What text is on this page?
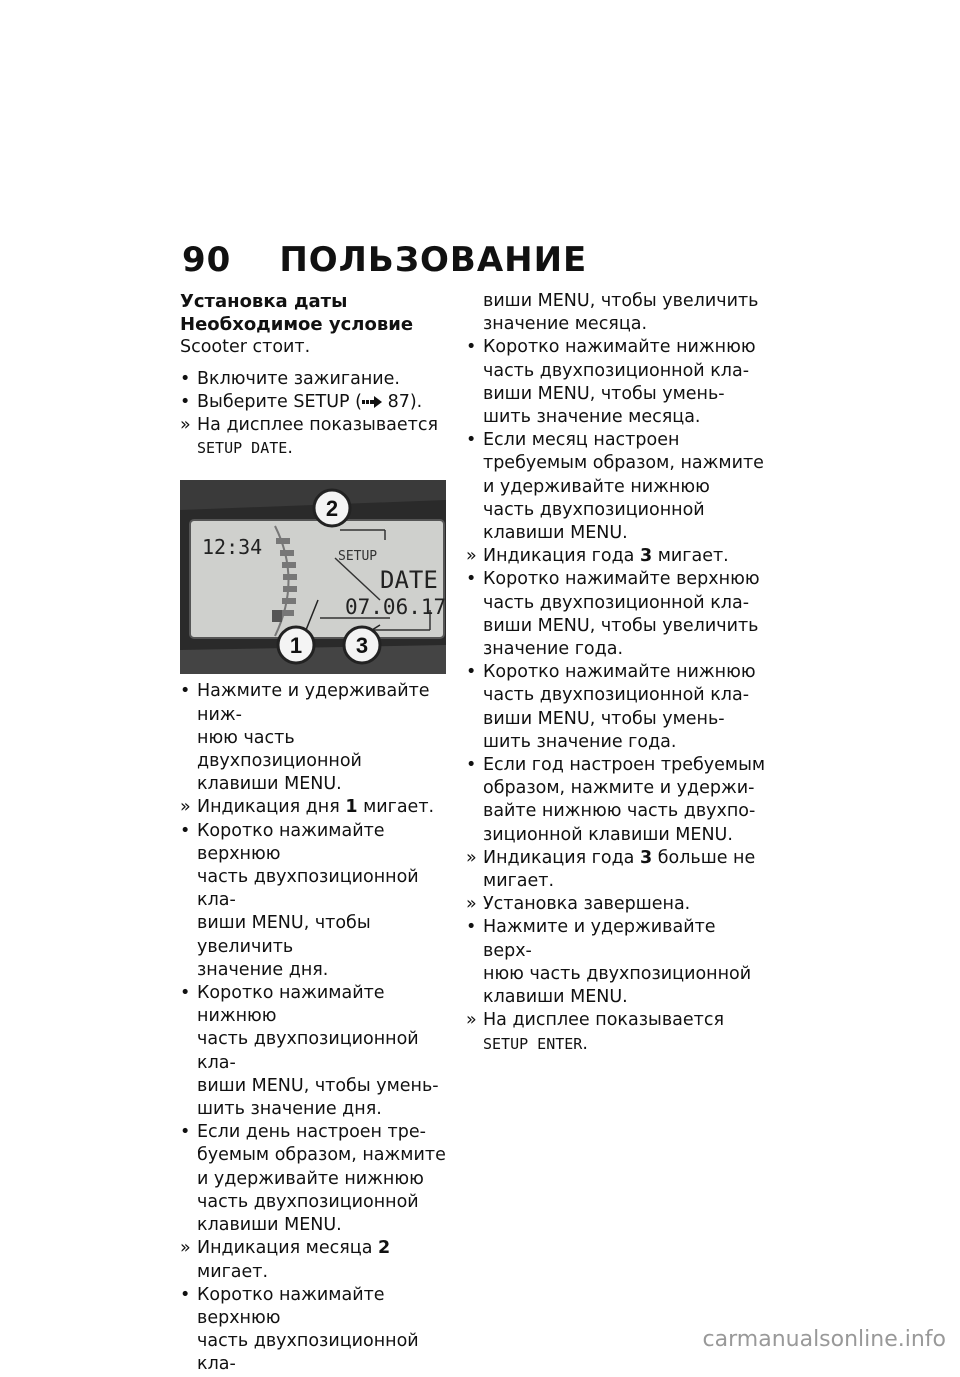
90 ПОЛЬЗОВАНИЕ
Установка даты
Необходимое условие
Scooter стоит.
• Включите зажигание.
• Выберите SETUP ( 87).
» На дисплее показывается
SETUP DATE.
12:34	SETUP
DATE
07.06.17
2
1 3
• Нажмите и удерживайте ниж-
нюю часть двухпозиционной
клавиши MENU.
» Индикация дня 1 мигает.
• Коротко нажимайте верхнюю
часть двухпозиционной кла-
виши MENU, чтобы увеличить
значение дня.
• Коротко нажимайте нижнюю
часть двухпозиционной кла-
виши MENU, чтобы умень-
шить значение дня.
• Если день настроен тре-
буемым образом, нажмите
и удерживайте нижнюю
часть двухпозиционной
клавиши MENU.
» Индикация месяца 2 мигает.
• Коротко нажимайте верхнюю
часть двухпозиционной кла-
виши MENU, чтобы увеличить
значение месяца.
• Коротко нажимайте нижнюю
часть двухпозиционной кла-
виши MENU, чтобы умень-
шить значение месяца.
• Если месяц настроен
требуемым образом, нажмите
и удерживайте нижнюю
часть двухпозиционной
клавиши MENU.
» Индикация года 3 мигает.
• Коротко нажимайте верхнюю
часть двухпозиционной кла-
виши MENU, чтобы увеличить
значение года.
• Коротко нажимайте нижнюю
часть двухпозиционной кла-
виши MENU, чтобы умень-
шить значение года.
• Если год настроен требуемым
образом, нажмите и удержи-
вайте нижнюю часть двухпо-
зиционной клавиши MENU.
» Индикация года 3 больше не
мигает.
» Установка завершена.
• Нажмите и удерживайте верх-
нюю часть двухпозиционной
клавиши MENU.
» На дисплее показывается
SETUP ENTER.
carmanualsonline.info
